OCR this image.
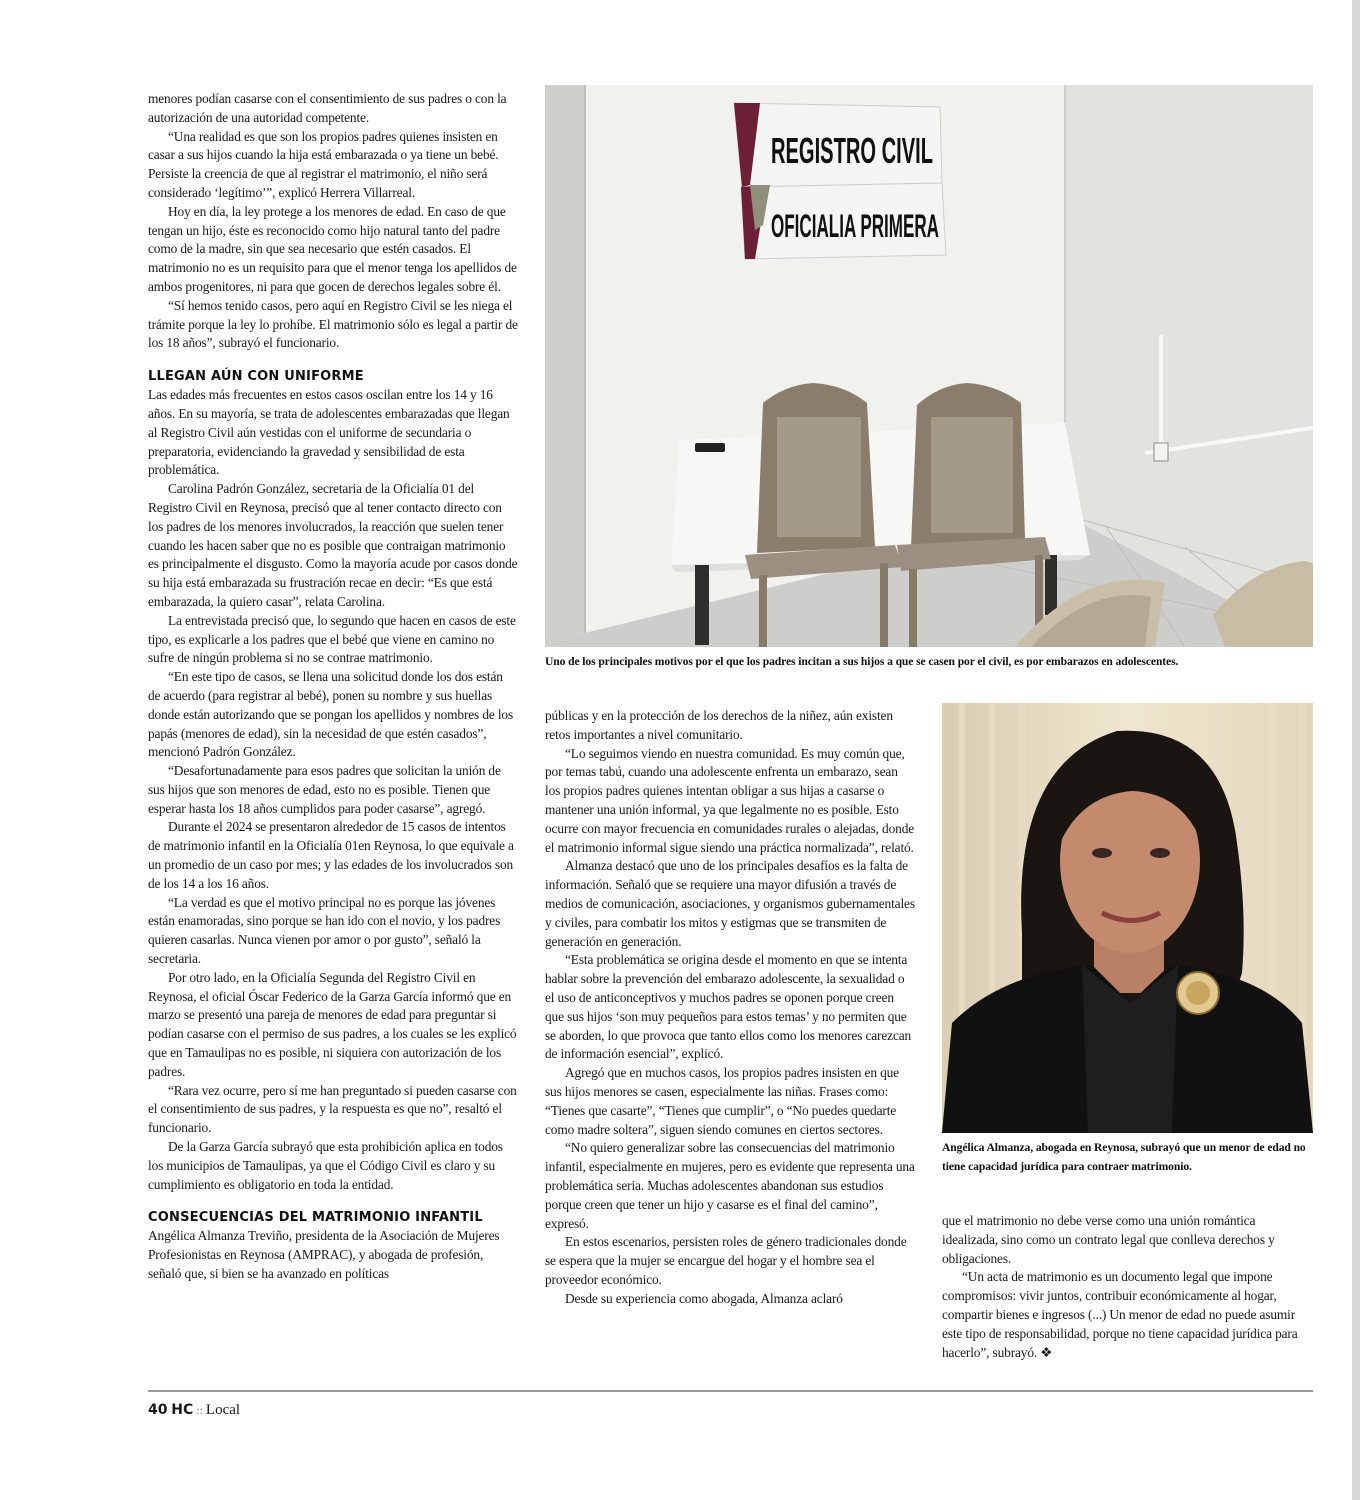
menores podían casarse con el consentimiento de sus padres o con la autorización de una autoridad competente.

“Una realidad es que son los propios padres quienes insisten en casar a sus hijos cuando la hija está embarazada o ya tiene un bebé. Persiste la creencia de que al registrar el matrimonio, el niño será considerado ‘legítimo’”, explicó Herrera Villarreal.

Hoy en día, la ley protege a los menores de edad. En caso de que tengan un hijo, éste es reconocido como hijo natural tanto del padre como de la madre, sin que sea necesario que estén casados. El matrimonio no es un requisito para que el menor tenga los apellidos de ambos progenitores, ni para que gocen de derechos legales sobre él.

“Sí hemos tenido casos, pero aquí en Registro Civil se les niega el trámite porque la ley lo prohíbe. El matrimonio sólo es legal a partir de los 18 años”, subrayó el funcionario.

LLEGAN AÚN CON UNIFORME

Las edades más frecuentes en estos casos oscilan entre los 14 y 16 años. En su mayoría, se trata de adolescentes embarazadas que llegan al Registro Civil aún vestidas con el uniforme de secundaria o preparatoria, evidenciando la gravedad y sensibilidad de esta problemática.

Carolina Padrón González, secretaria de la Oficialía 01 del Registro Civil en Reynosa, precisó que al tener contacto directo con los padres de los menores involucrados, la reacción que suelen tener cuando les hacen saber que no es posible que contraigan matrimonio es principalmente el disgusto. Como la mayoría acude por casos donde su hija está embarazada su frustración recae en decir: “Es que está embarazada, la quiero casar”, relata Carolina.

La entrevistada precisó que, lo segundo que hacen en casos de este tipo, es explicarle a los padres que el bebé que viene en camino no sufre de ningún problema si no se contrae matrimonio.

“En este tipo de casos, se llena una solicitud donde los dos están de acuerdo (para registrar al bebé), ponen su nombre y sus huellas donde están autorizando que se pongan los apellidos y nombres de los papás (menores de edad), sin la necesidad de que estén casados”, mencionó Padrón González.

“Desafortunadamente para esos padres que solicitan la unión de sus hijos que son menores de edad, esto no es posible. Tienen que esperar hasta los 18 años cumplidos para poder casarse”, agregó.

Durante el 2024 se presentaron alrededor de 15 casos de intentos de matrimonio infantil en la Oficialía 01en Reynosa, lo que equivale a un promedio de un caso por mes; y las edades de los involucrados son de los 14 a los 16 años.

“La verdad es que el motivo principal no es porque las jóvenes están enamoradas, sino porque se han ido con el novio, y los padres quieren casarlas. Nunca vienen por amor o por gusto”, señaló la secretaria.

Por otro lado, en la Oficialía Segunda del Registro Civil en Reynosa, el oficial Óscar Federico de la Garza García informó que en marzo se presentó una pareja de menores de edad para preguntar si podían casarse con el permiso de sus padres, a los cuales se les explicó que en Tamaulipas no es posible, ni siquiera con autorización de los padres.

“Rara vez ocurre, pero sí me han preguntado si pueden casarse con el consentimiento de sus padres, y la respuesta es que no”, resaltó el funcionario.

De la Garza García subrayó que esta prohibición aplica en todos los municipios de Tamaulipas, ya que el Código Civil es claro y su cumplimiento es obligatorio en toda la entidad.

CONSECUENCIAS DEL MATRIMONIO INFANTIL

Angélica Almanza Treviño, presidenta de la Asociación de Mujeres Profesionistas en Reynosa (AMPRAC), y abogada de profesión, señaló que, si bien se ha avanzado en políticas

REGISTRO CIVIL
OFICIALIA PRIMERA
Uno de los principales motivos por el que los padres incitan a sus hijos a que se casen por el civil, es por embarazos en adolescentes.

públicas y en la protección de los derechos de la niñez, aún existen retos importantes a nivel comunitario.

“Lo seguimos viendo en nuestra comunidad. Es muy común que, por temas tabú, cuando una adolescente enfrenta un embarazo, sean los propios padres quienes intentan obligar a sus hijas a casarse o mantener una unión informal, ya que legalmente no es posible. Esto ocurre con mayor frecuencia en comunidades rurales o alejadas, donde el matrimonio informal sigue siendo una práctica normalizada”, relató.

Almanza destacó que uno de los principales desafíos es la falta de información. Señaló que se requiere una mayor difusión a través de medios de comunicación, asociaciones, y organismos gubernamentales y civiles, para combatir los mitos y estigmas que se transmiten de generación en generación.

“Esta problemática se origina desde el momento en que se intenta hablar sobre la prevención del embarazo adolescente, la sexualidad o el uso de anticonceptivos y muchos padres se oponen porque creen que sus hijos ‘son muy pequeños para estos temas’ y no permiten que se aborden, lo que provoca que tanto ellos como los menores carezcan de información esencial”, explicó.

Agregó que en muchos casos, los propios padres insisten en que sus hijos menores se casen, especialmente las niñas. Frases como: “Tienes que casarte”, “Tienes que cumplir”, o “No puedes quedarte como madre soltera”, siguen siendo comunes en ciertos sectores.

“No quiero generalizar sobre las consecuencias del matrimonio infantil, especialmente en mujeres, pero es evidente que representa una problemática seria. Muchas adolescentes abandonan sus estudios porque creen que tener un hijo y casarse es el final del camino”, expresó.

En estos escenarios, persisten roles de género tradicionales donde se espera que la mujer se encargue del hogar y el hombre sea el proveedor económico.

Desde su experiencia como abogada, Almanza aclaró

Angélica Almanza, abogada en Reynosa, subrayó que un menor de edad no tiene capacidad jurídica para contraer matrimonio.

que el matrimonio no debe verse como una unión romántica idealizada, sino como un contrato legal que conlleva derechos y obligaciones.

“Un acta de matrimonio es un documento legal que impone compromisos: vivir juntos, contribuir económicamente al hogar, compartir bienes e ingresos (...) Un menor de edad no puede asumir este tipo de responsabilidad, porque no tiene capacidad jurídica para hacerlo”, subrayó. ❖

40 HC :: Local
